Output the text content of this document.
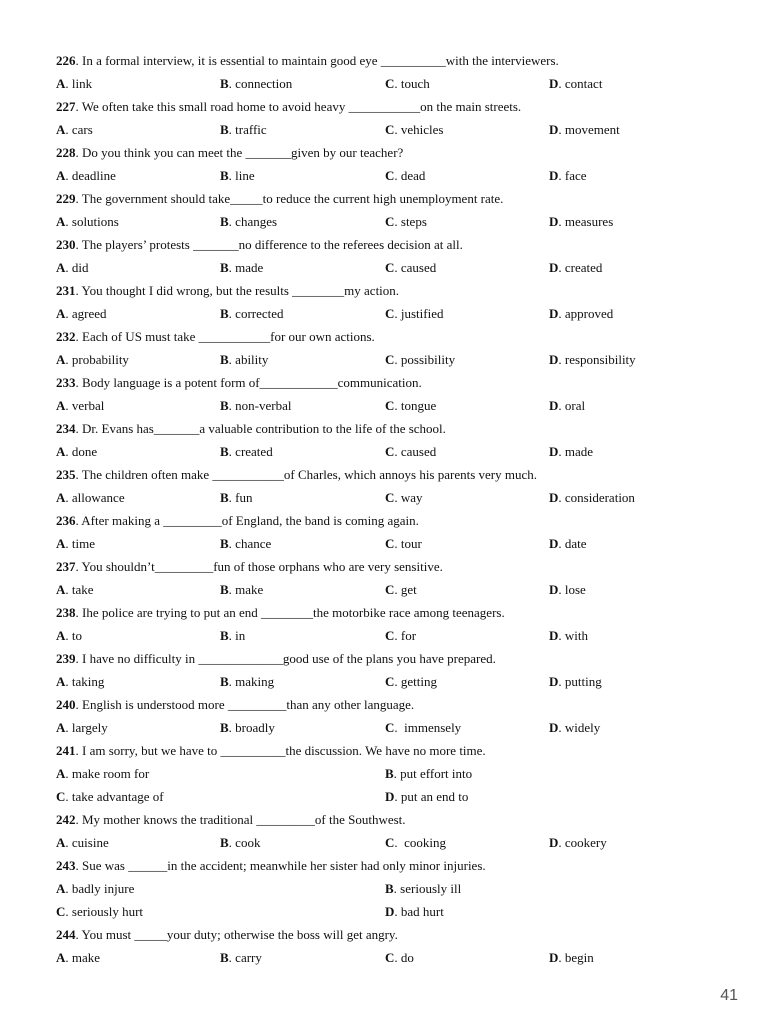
226. In a formal interview, it is essential to maintain good eye __________with the interviewers.
A. link	B. connection	C. touch	D. contact
227. We often take this small road home to avoid heavy ___________on the main streets.
A. cars	B. traffic	C. vehicles	D. movement
228. Do you think you can meet the _______given by our teacher?
A. deadline	B. line	C. dead	D. face
229. The government should take_____to reduce the current high unemployment rate.
A. solutions	B. changes	C. steps	D. measures
230. The players’ protests _______no difference to the referees decision at all.
A. did	B. made	C. caused	D. created
231. You thought I did wrong, but the results ________my action.
A. agreed	B. corrected	C. justified	D. approved
232. Each of US must take ___________for our own actions.
A. probability	B. ability	C. possibility	D. responsibility
233. Body language is a potent form of____________communication.
A. verbal	B. non-verbal	C. tongue	D. oral
234. Dr. Evans has_______a valuable contribution to the life of the school.
A. done	B. created	C. caused	D. made
235. The children often make ___________of Charles, which annoys his parents very much.
A. allowance	B. fun	C. way	D. consideration
236. After making a _________of England, the band is coming again.
A. time	B. chance	C. tour	D. date
237. You shouldn’t_________fun of those orphans who are very sensitive.
A. take	B. make	C. get	D. lose
238. Ihe police are trying to put an end ________the motorbike race among teenagers.
A. to	B. in	C. for	D. with
239. I have no difficulty in _____________good use of the plans you have prepared.
A. taking	B. making	C. getting	D. putting
240. English is understood more _________than any other language.
A. largely	B. broadly	C.  immensely	D. widely
241. I am sorry, but we have to __________the discussion. We have no more time.
A. make room for	B. put effort into
C. take advantage of	D. put an end to
242. My mother knows the traditional _________of the Southwest.
A. cuisine	B. cook	C.  cooking	D. cookery
243. Sue was ______in the accident; meanwhile her sister had only minor injuries.
A. badly injure	B. seriously ill
C. seriously hurt	D. bad hurt
244. You must _____your duty; otherwise the boss will get angry.
A. make	B. carry	C. do	D. begin
41
